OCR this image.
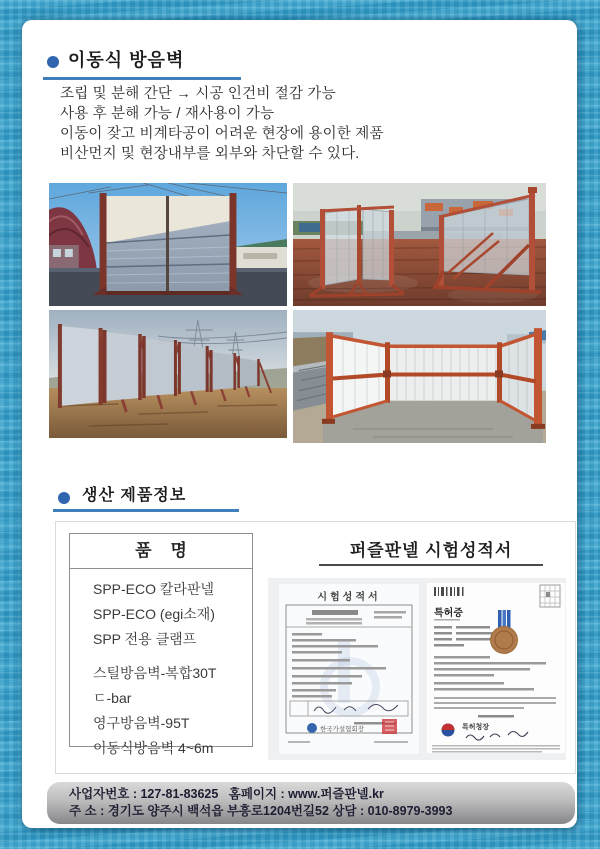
이동식 방음벽

조립 및 분해 간단 → 시공 인건비 절감 가능

사용 후 분해 가능 / 재사용이 가능

이동이 잦고 비계타공이 어려운 현장에 용이한 제품

비산먼지 및 현장내부를 외부와 차단할 수 있다.

생산 제품정보
품    명
SPP-ECO 칼라판넬
SPP-ECO (egi소재)
SPP 전용 클램프
스틸방음벽-복합30T
ㄷ-bar
영구방음벽-95T
이동식방음벽 4~6m
퍼즐판넬 시험성적서
시험성적서
한국가설협회장
특허증
특허청장

사업자번호 : 127-81-83625   홈페이지 : www.퍼즐판넬.kr

주 소 : 경기도 양주시 백석읍 부흥로1204번길52 상담 : 010-8979-3993
